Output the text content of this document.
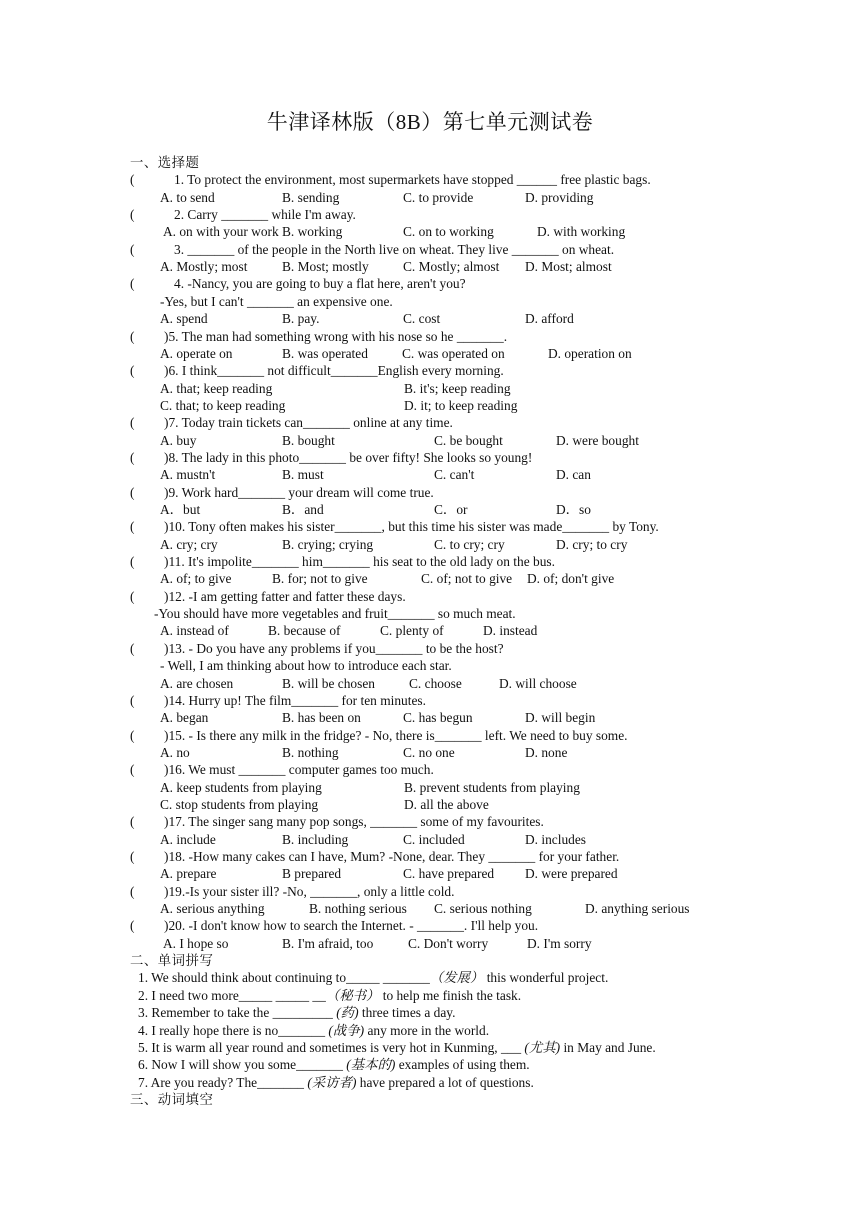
牛津译林版（8B）第七单元测试卷
一、选择题
(	1. To protect the environment, most supermarkets have stopped ______ free plastic bags.
A. to send	B. sending	C. to provide	D. providing
(	2. Carry _______ while I'm away.
A. on with your work B. working	C. on to working	D. with working
(	3. _______ of the people in the North live on wheat. They live _______ on wheat.
A. Mostly; most	B. Most; mostly	C. Mostly; almost D. Most; almost
(	4. -Nancy, you are going to buy a flat here, aren't you?
-Yes, but I can't _______ an expensive one.
A. spend	B. pay.	C. cost	D. afford
( )5. The man had something wrong with his nose so he _______.
A. operate on	B. was operated	C. was operated on	D. operation on
( )6. I think_______ not difficult_______English every morning.
A. that; keep reading	B. it's; keep reading
C. that; to keep reading	D. it; to keep reading
( )7. Today train tickets can_______ online at any time.
A. buy	B. bought	C. be bought	D. were bought
( )8. The lady in this photo_______ be over fifty! She looks so young!
A. mustn't	B. must	C. can't	D. can
( )9. Work hard_______ your dream will come true.
A．but	B．and	C．or	D．so
( )10. Tony often makes his sister_______, but this time his sister was made_______ by Tony.
A. cry; cry	B. crying; crying	C. to cry; cry	D. cry; to cry
( )11. It's impolite_______ him_______ his seat to the old lady on the bus.
A. of; to give	B. for; not to give	C. of; not to give D. of; don't give
( )12. -I am getting fatter and fatter these days.
-You should have more vegetables and fruit_______ so much meat.
A. instead of	B. because of	C. plenty of	D. instead
( )13. - Do you have any problems if you_______ to be the host?
- Well, I am thinking about how to introduce each star.
A. are chosen	B. will be chosen	C. choose	D. will choose
( )14. Hurry up! The film_______ for ten minutes.
A. began	B. has been on	C. has begun	D. will begin
( )15. - Is there any milk in the fridge? - No, there is_______ left. We need to buy some.
A. no	B. nothing	C. no one	D. none
( )16. We must _______ computer games too much.
A. keep students from playing	B. prevent students from playing
C. stop students from playing	D. all the above
( )17. The singer sang many pop songs, _______ some of my favourites.
A. include	B. including	C. included	D. includes
( )18. -How many cakes can I have, Mum? -None, dear. They _______ for your father.
A. prepare	B prepared	C. have prepared D. were prepared
( )19.-Is your sister ill? -No, _______, only a little cold.
A. serious anything	B. nothing serious C. serious nothing	D. anything serious
( )20. -I don't know how to search the Internet. - _______. I'll help you.
A. I hope so	B. I'm afraid, too	C. Don't worry	D. I'm sorry
二、单词拼写
1. We should think about continuing to_____ _______（发展） this wonderful project.
2. I need two more_____ _____ __（秘书） to help me finish the task.
3. Remember to take the _________ (药) three times a day.
4. I really hope there is no_______ (战争) any more in the world.
5. It is warm all year round and sometimes is very hot in Kunming, ___ (尤其) in May and June.
6. Now I will show you some_______ (基本的) examples of using them.
7. Are you ready? The_______ (采访者) have prepared a lot of questions.
三、动词填空
